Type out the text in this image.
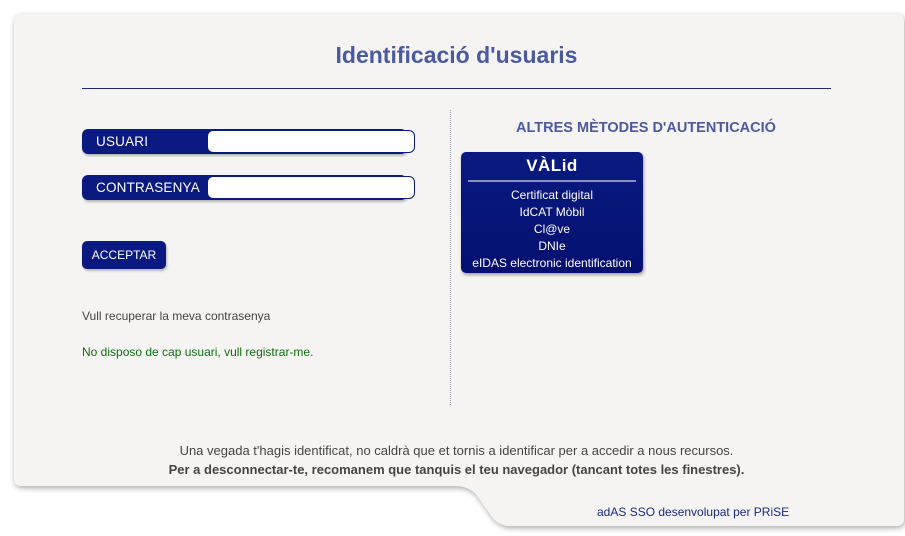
Identificació d'usuaris
USUARI
CONTRASENYA
ACCEPTAR
Vull recuperar la meva contrasenya
No disposo de cap usuari, vull registrar-me.
ALTRES MÈTODES D'AUTENTICACIÓ
VÀLid
Certificat digital
IdCAT Mòbil
Cl@ve
DNIe
eIDAS electronic identification
Una vegada t'hagis identificat, no caldrà que et tornis a identificar per a accedir a nous recursos.
Per a desconnectar-te, recomanem que tanquis el teu navegador (tancant totes les finestres).
adAS SSO desenvolupat per PRiSE
